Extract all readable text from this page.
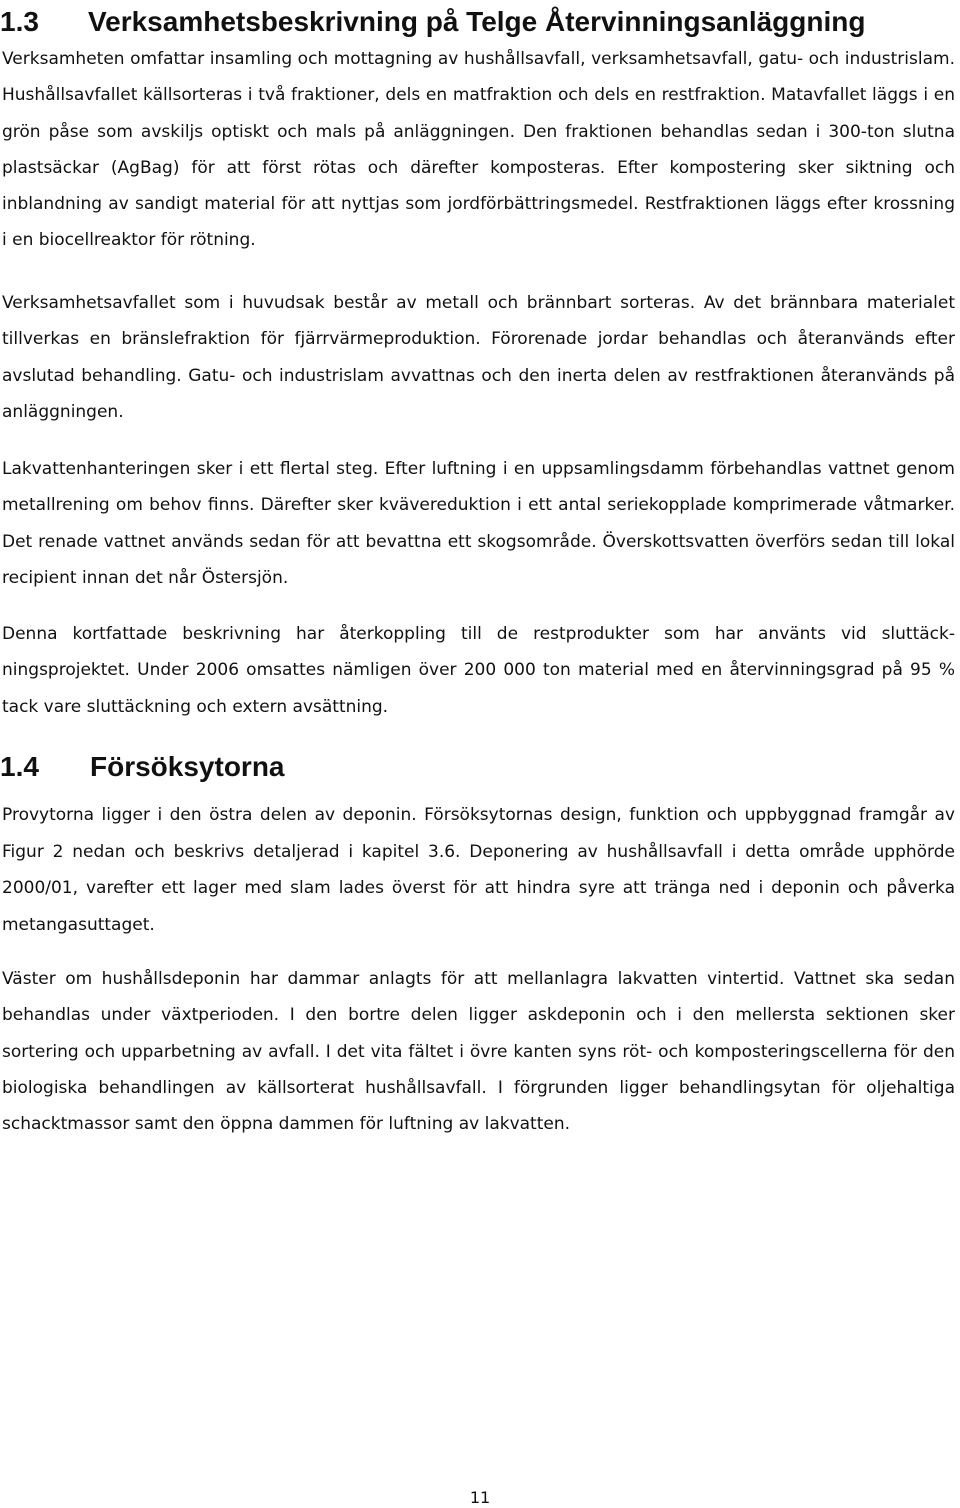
1.3 Verksamhetsbeskrivning på Telge Återvinningsanläggning

Verksamheten omfattar insamling och mottagning av hushållsavfall, verksamhetsavfall, gatu- och industrislam. Hushållsavfallet källsorteras i två fraktioner, dels en matfraktion och dels en restfraktion. Matavfallet läggs i en grön påse som avskiljs optiskt och mals på anläggningen. Den fraktionen behandlas sedan i 300-ton slutna plastsäckar (AgBag) för att först rötas och därefter komposteras. Efter kompostering sker siktning och inblandning av sandigt material för att nyttjas som jordförbättringsmedel. Restfraktionen läggs efter krossning i en biocellreaktor för rötning.

Verksamhetsavfallet som i huvudsak består av metall och brännbart sorteras. Av det brännbara materialet tillverkas en bränslefraktion för fjärrvärmeproduktion. Förorenade jordar behandlas och återanvänds efter avslutad behandling. Gatu- och industrislam avvattnas och den inerta delen av restfraktionen återanvänds på anläggningen.

Lakvattenhanteringen sker i ett flertal steg. Efter luftning i en uppsamlingsdamm förbehandlas vattnet genom metallrening om behov finns. Därefter sker kvävereduktion i ett antal seriekopplade komprimerade våtmarker. Det renade vattnet används sedan för att bevattna ett skogsområde. Överskottsvatten överförs sedan till lokal recipient innan det når Östersjön.

Denna kortfattade beskrivning har återkoppling till de restprodukter som har använts vid sluttäckningsprojektet. Under 2006 omsattes nämligen över 200 000 ton material med en återvinningsgrad på 95 % tack vare sluttäckning och extern avsättning.

1.4 Försöksytorna

Provytorna ligger i den östra delen av deponin. Försöksytornas design, funktion och uppbyggnad framgår av Figur 2 nedan och beskrivs detaljerad i kapitel 3.6. Deponering av hushållsavfall i detta område upphörde 2000/01, varefter ett lager med slam lades överst för att hindra syre att tränga ned i deponin och påverka metangasuttaget.

Väster om hushållsdeponin har dammar anlagts för att mellanlagra lakvatten vintertid. Vattnet ska sedan behandlas under växtperioden. I den bortre delen ligger askdeponin och i den mellersta sektionen sker sortering och upparbetning av avfall. I det vita fältet i övre kanten syns röt- och komposteringscellerna för den biologiska behandlingen av källsorterat hushållsavfall. I förgrunden ligger behandlingsytan för oljehaltiga schacktmassor samt den öppna dammen för luftning av lakvatten.

11
